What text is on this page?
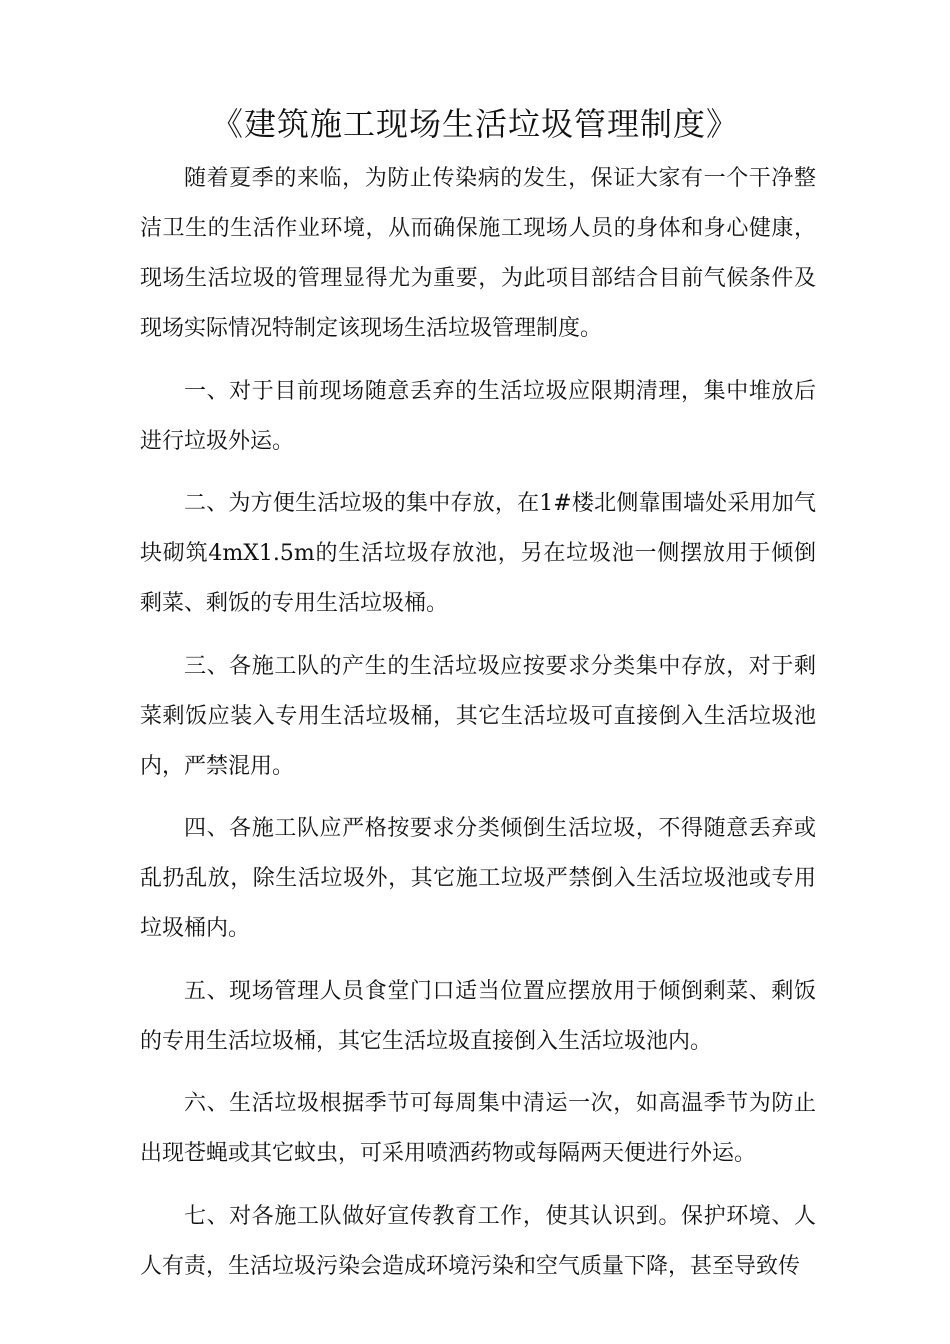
《建筑施工现场生活垃圾管理制度》

随着夏季的来临，为防止传染病的发生，保证大家有一个干净整洁卫生的生活作业环境，从而确保施工现场人员的身体和身心健康，现场生活垃圾的管理显得尤为重要，为此项目部结合目前气候条件及现场实际情况特制定该现场生活垃圾管理制度。

一、对于目前现场随意丢弃的生活垃圾应限期清理，集中堆放后进行垃圾外运。

二、为方便生活垃圾的集中存放，在1#楼北侧靠围墙处采用加气块砌筑4mX1.5m的生活垃圾存放池，另在垃圾池一侧摆放用于倾倒剩菜、剩饭的专用生活垃圾桶。

三、各施工队的产生的生活垃圾应按要求分类集中存放，对于剩菜剩饭应装入专用生活垃圾桶，其它生活垃圾可直接倒入生活垃圾池内，严禁混用。

四、各施工队应严格按要求分类倾倒生活垃圾，不得随意丢弃或乱扔乱放，除生活垃圾外，其它施工垃圾严禁倒入生活垃圾池或专用垃圾桶内。

五、现场管理人员食堂门口适当位置应摆放用于倾倒剩菜、剩饭的专用生活垃圾桶，其它生活垃圾直接倒入生活垃圾池内。

六、生活垃圾根据季节可每周集中清运一次，如高温季节为防止出现苍蝇或其它蚊虫，可采用喷洒药物或每隔两天便进行外运。

七、对各施工队做好宣传教育工作，使其认识到。保护环境、人人有责，生活垃圾污染会造成环境污染和空气质量下降，甚至导致传
